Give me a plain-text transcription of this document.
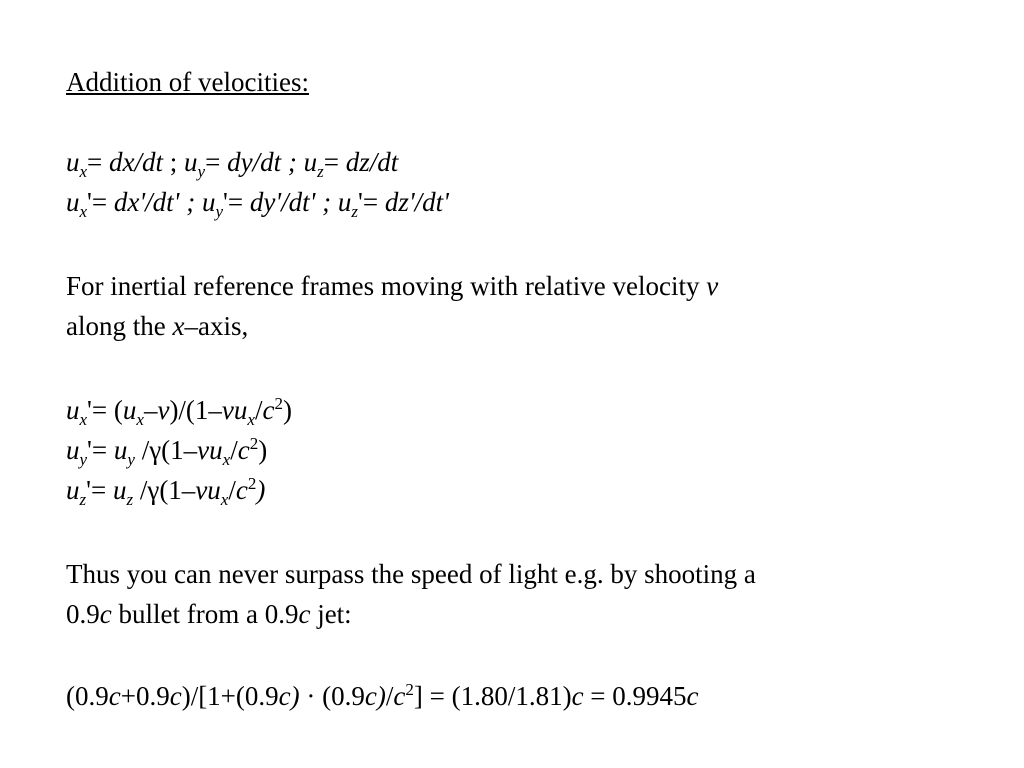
Addition of velocities:
$u_x= dx/dt$ ; $u_y= dy/dt$ ; $u_z= dz/dt$
$u_x'= dx'/dt'$ ; $u_y'= dy'/dt'$ ; $u_z'= dz'/dt'$
For inertial reference frames moving with relative velocity v
along the x–axis,
$u_x'= (u_x-v)/(1-vu_x/c^2)$
$u_y'= u_y$ $/\gamma(1-vu_x/c^2)$
$u_z'= u_z$ $/\gamma(1-vu_x/c^2)$
Thus you can never surpass the speed of light e.g. by shooting a
0.9c bullet from a 0.9c jet:
$(0.9c+0.9c)/[1+(0.9c) \cdot (0.9c)/c^2] = (1.80/1.81)c = 0.9945c$
